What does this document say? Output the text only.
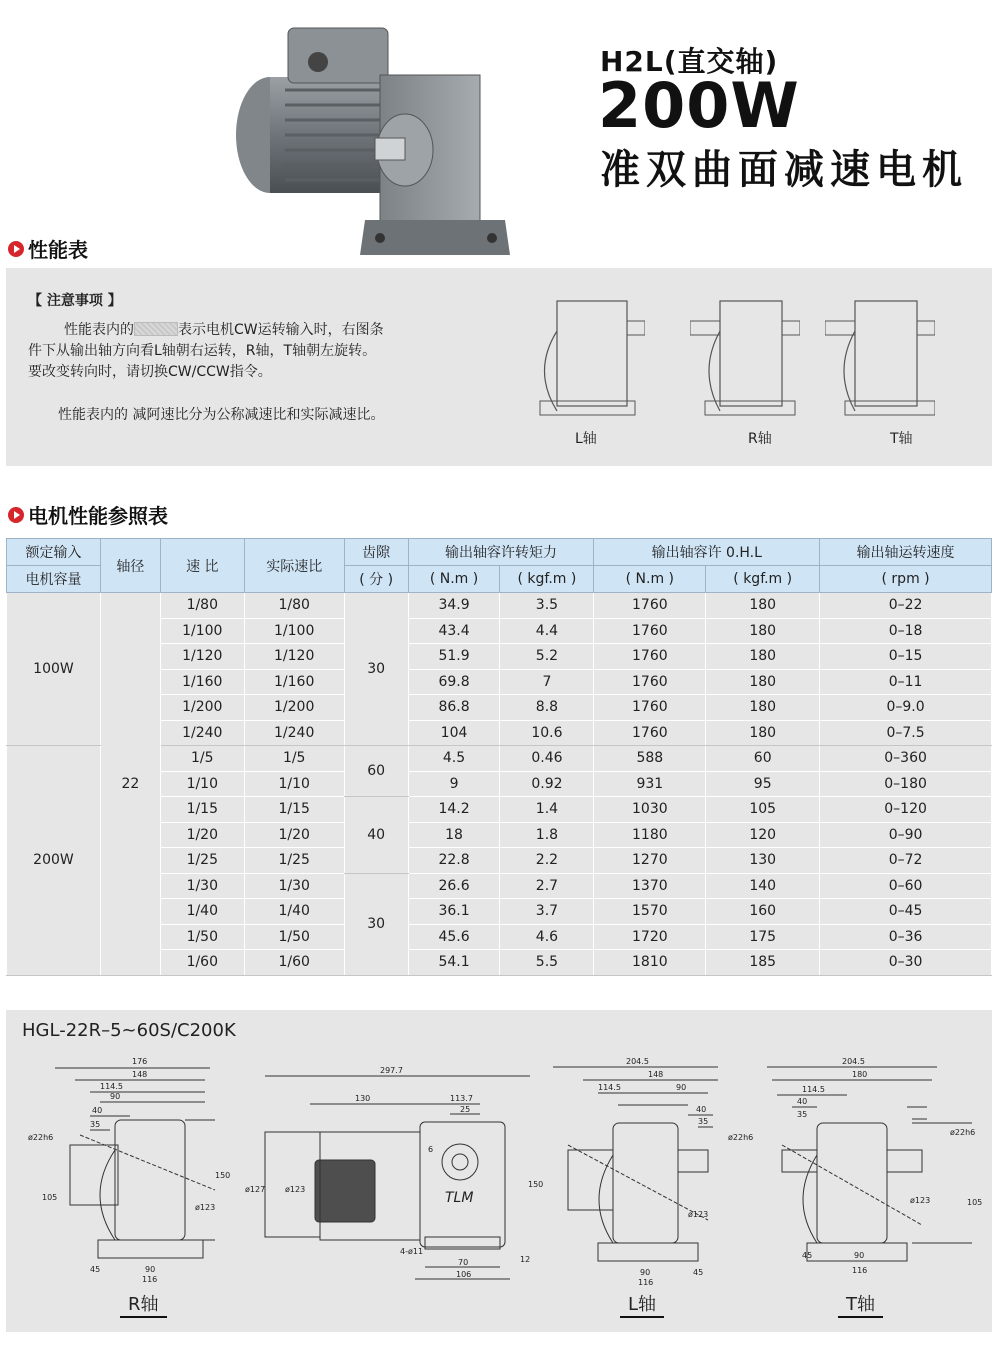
H2L(直交轴)
200W
准双曲面减速电机
性能表
【 注意事项 】
性能表内的	表示电机CW运转输入时，右图条件下从输出轴方向看L轴朝右运转，R轴，T轴朝左旋转。要改变转向时，请切换CW/CCW指令。
性能表内的 减阿速比分为公称减速比和实际减速比。
L轴	R轴	T轴
电机性能参照表
额定输入	轴径	速 比	实际速比	齿隙	输出轴容许转矩力		输出轴容许 0.H.L		输出轴运转速度
电机容量				( 分 )	( N.m )	( kgf.m )	( N.m )	( kgf.m )	( rpm )
100W	22	1/80	1/80	30	34.9	3.5	1760	180	0–22
		1/100	1/100		43.4	4.4	1760	180	0–18
		1/120	1/120		51.9	5.2	1760	180	0–15
		1/160	1/160		69.8	7	1760	180	0–11
		1/200	1/200		86.8	8.8	1760	180	0–9.0
		1/240	1/240		104	10.6	1760	180	0–7.5
200W		1/5	1/5	60	4.5	0.46	588	60	0–360
		1/10	1/10		9	0.92	931	95	0–180
		1/15	1/15	40	14.2	1.4	1030	105	0–120
		1/20	1/20		18	1.8	1180	120	0–90
		1/25	1/25		22.8	2.2	1270	130	0–72
		1/30	1/30	30	26.6	2.7	1370	140	0–60
		1/40	1/40		36.1	3.7	1570	160	0–45
		1/50	1/50		45.6	4.6	1720	175	0–36
		1/60	1/60		54.1	5.5	1810	185	0–30
HGL-22R–5~60S/C200K
176
148
114.5
90
40
35
ø22h6
105
150
ø123
45	90
116
R轴
297.7
130	113.7
25
6
ø127 ø123
150
4-ø11
70
106
12
TLM
204.5
148
114.5	90
40
35
ø22h6
ø123
90	45
116
L轴
204.5
180
114.5
40
35
ø22h6
ø123	105
45	90
116
T轴
